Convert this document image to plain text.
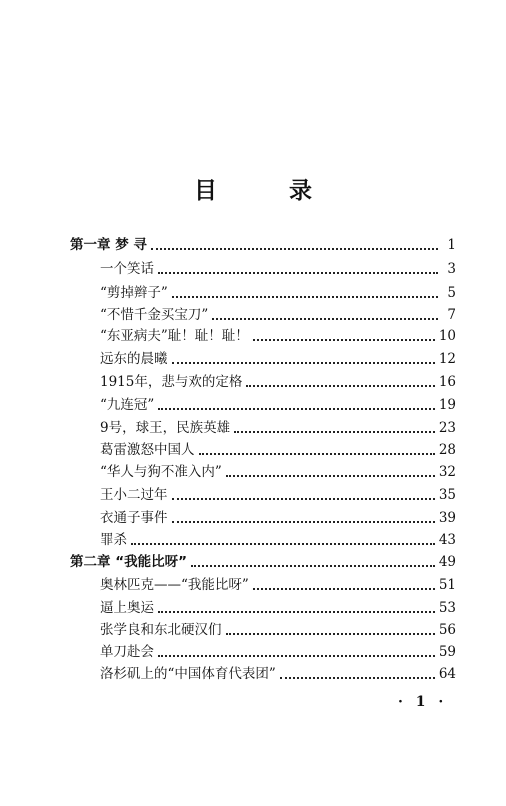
目 录
第一章 梦 寻	1
一个笑话	3
“剪掉辫子”	5
“不惜千金买宝刀”	7
“东亚病夫”耻！耻！耻！	10
远东的晨曦	12
1915年，悲与欢的定格	16
“九连冠”	19
9号，球王，民族英雄	23
葛雷激怒中国人	28
“华人与狗不准入内”	32
王小二过年	35
衣通子事件	39
罪杀	43
第二章 “我能比呀”	49
奥林匹克——“我能比呀”	51
逼上奥运	53
张学良和东北硬汉们	56
单刀赴会	59
洛杉矶上的“中国体育代表团”	64
· 1 ·
